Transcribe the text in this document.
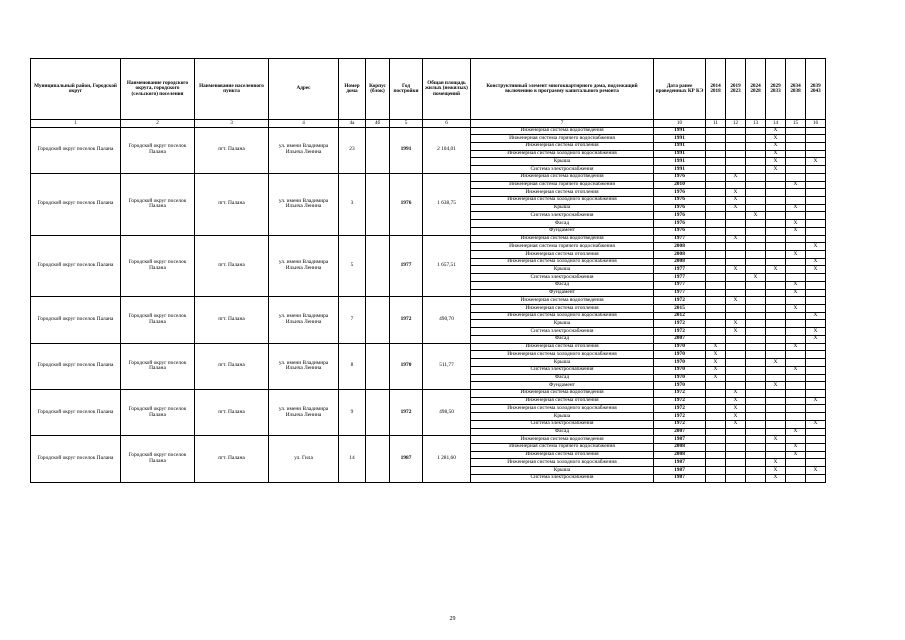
Муниципальный район, Городской округ	Наименование городского округа, городского (сельского) поселения	Наименование населенного пункта	Адрес	Номер дома	Корпус (блок)	Год постройки	Общая площадь жилых (нежилых) помещений	Конструктивный элемент многоквартирного дома, подлежащий включению в программу капитального ремонта	Дата ранее проведенных КР КЭ	2014 2018	2019 2023	2024 2028	2029 2033	2034 2038	2039 2043
1	2	3	4	4а	4б	5	6	7	10	11	12	13	14	15	16
Городской округ поселок Палана	Городской округ поселок Палана	пгт. Палана	ул. имени Владимира Ильича Ленина	23		1991	2 104,01	Инженерная система водоотведения	1991				X		
								Инженерная система горячего водоснабжения	1991				X		
								Инженерная система отопления	1991				X		
								Инженерная система холодного водоснабжения	1991				X		
								Крыша	1991				X		X
								Система электроснабжения	1991				X		
Городской округ поселок Палана	Городской округ поселок Палана	пгт. Палана	ул. имени Владимира Ильича Ленина	3		1976	1 638,75	Инженерная система водоотведения	1976		X				
								Инженерная система горячего водоснабжения	2010					X	
								Инженерная система отопления	1976		X				
								Инженерная система холодного водоснабжения	1976		X				
								Крыша	1976		X			X	
								Система электроснабжения	1976			X			
								Фасад	1976					X	
								Фундамент	1976					X	
Городской округ поселок Палана	Городской округ поселок Палана	пгт. Палана	ул. имени Владимира Ильича Ленина	5		1977	1 657,51	Инженерная система водоотведения	1977		X				
								Инженерная система горячего водоснабжения	2008						X
								Инженерная система отопления	2008					X	
								Инженерная система холодного водоснабжения	2008						X
								Крыша	1977		X		X		X
								Система электроснабжения	1977			X			
								Фасад	1977					X	
								Фундамент	1977					X	
Городской округ поселок Палана	Городской округ поселок Палана	пгт. Палана	ул. имени Владимира Ильича Ленина	7		1972	490,70	Инженерная система водоотведения	1972		X				
								Инженерная система отопления	2015					X	
								Инженерная система холодного водоснабжения	2012						X
								Крыша	1972		X				
								Система электроснабжения	1972		X				X
								Фасад	2007						X
Городской округ поселок Палана	Городской округ поселок Палана	пгт. Палана	ул. имени Владимира Ильича Ленина	8		1970	511,77	Инженерная система отопления	1970	X				X	
								Инженерная система холодного водоснабжения	1970	X					
								Крыша	1970	X			X		
								Система электроснабжения	1970	X				X	
								Фасад	1970	X					
								Фундамент	1970				X		
Городской округ поселок Палана	Городской округ поселок Палана	пгт. Палана	ул. имени Владимира Ильича Ленина	9		1972	498,50	Инженерная система водоотведения	1972		X				
								Инженерная система отопления	1972		X				X
								Инженерная система холодного водоснабжения	1972		X				
								Крыша	1972		X				
								Система электроснабжения	1972		X				X
								Фасад	2007					X	
Городской округ поселок Палана	Городской округ поселок Палана	пгт. Палана	ул. Гила	14		1987	1 281,60	Инженерная система водоотведения	1987				X		
								Инженерная система горячего водоснабжения	2008					X	
								Инженерная система отопления	2008					X	
								Инженерная система холодного водоснабжения	1987				X		
								Крыша	1987				X		X
								Система электроснабжения	1987				X		
29
